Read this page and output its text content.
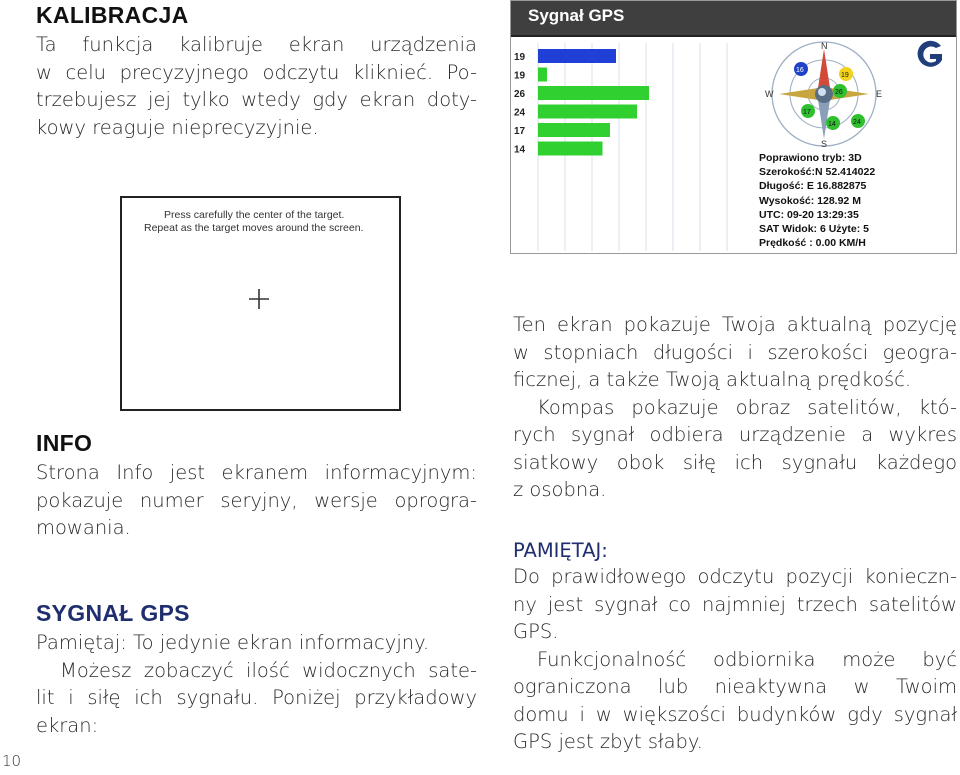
KALIBRACJA
Ta funkcja kalibruje ekran urządzenia
w celu precyzyjnego odczytu kliknieć. Po-
trzebujesz jej tylko wtedy gdy ekran doty-
kowy reaguje nieprecyzyjnie.
Press carefully the center of the target.
Repeat as the target moves around the screen.
INFO
Strona Info jest ekranem informacyjnym:
pokazuje numer seryjny, wersje oprogra-
mowania.
SYGNAŁ GPS
Pamiętaj: To jedynie ekran informacyjny.
Możesz zobaczyć ilość widocznych sate-
lit i siłę ich sygnału. Poniżej przykładowy
ekran:
10
Sygnał GPS
19
19
26
24
17
14
N
S
W	E
16
19
26
17
14 24
Poprawiono tryb: 3D
Szerokość:N 52.414022
Długość: E 16.882875
Wysokość: 128.92 M
UTC: 09-20 13:29:35
SAT Widok: 6 Użyte: 5
Prędkość : 0.00 KM/H
Ten ekran pokazuje Twoja aktualną pozycję
w stopniach długości i szerokości geogra-
ficznej, a także Twoją aktualną prędkość.
Kompas pokazuje obraz satelitów, któ-
rych sygnał odbiera urządzenie a wykres
siatkowy obok siłę ich sygnału każdego
z osobna.
PAMIĘTAJ:
Do prawidłowego odczytu pozycji konieczn-
ny jest sygnał co najmniej trzech satelitów
GPS.
Funkcjonalność odbiornika może być
ograniczona lub nieaktywna w Twoim
domu i w większości budynków gdy sygnał
GPS jest zbyt słaby.
